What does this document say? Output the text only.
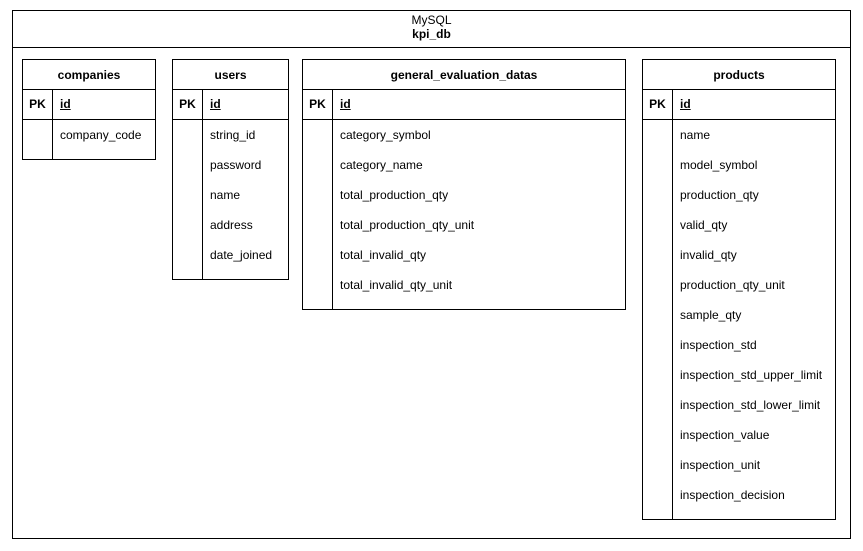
MySQL
kpi_db
companies
PK	id
company_code
users
PK	id
string_id
password
name
address
date_joined
general_evaluation_datas
PK	id
category_symbol
category_name
total_production_qty
total_production_qty_unit
total_invalid_qty
total_invalid_qty_unit
products
PK	id
name
model_symbol
production_qty
valid_qty
invalid_qty
production_qty_unit
sample_qty
inspection_std
inspection_std_upper_limit
inspection_std_lower_limit
inspection_value
inspection_unit
inspection_decision
